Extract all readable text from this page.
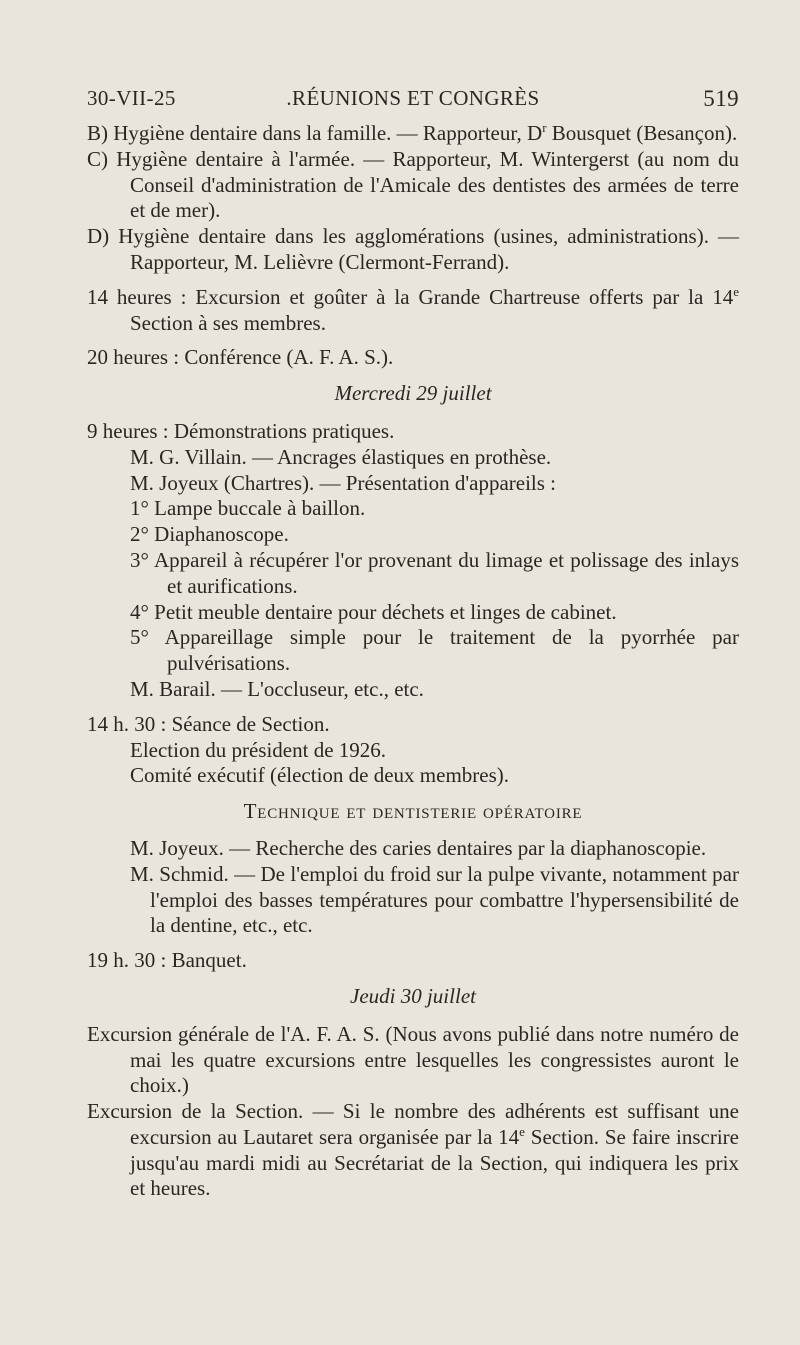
30-VII-25	.RÉUNIONS ET CONGRÈS	519
B) Hygiène dentaire dans la famille. — Rapporteur, $D^r$ Bousquet (Besançon).
C) Hygiène dentaire à l'armée. — Rapporteur, M. Wintergerst (au nom du Conseil d'administration de l'Amicale des dentistes des armées de terre et de mer).
D) Hygiène dentaire dans les agglomérations (usines, administrations). — Rapporteur, M. Lelièvre (Clermont-Ferrand).
14 heures : Excursion et goûter à la Grande Chartreuse offerts par la 14e Section à ses membres.
20 heures : Conférence (A. F. A. S.).
Mercredi 29 juillet
9 heures : Démonstrations pratiques.
M. G. Villain. — Ancrages élastiques en prothèse.
M. Joyeux (Chartres). — Présentation d'appareils :
1° Lampe buccale à baillon.
2° Diaphanoscope.
3° Appareil à récupérer l'or provenant du limage et polissage des inlays et aurifications.
4° Petit meuble dentaire pour déchets et linges de cabinet.
5° Appareillage simple pour le traitement de la pyorrhée par pulvérisations.
M. Barail. — L'occluseur, etc., etc.
14 h. 30 : Séance de Section.
Election du président de 1926.
Comité exécutif (élection de deux membres).
Technique et dentisterie opératoire
M. Joyeux. — Recherche des caries dentaires par la diaphanoscopie.
M. Schmid. — De l'emploi du froid sur la pulpe vivante, notamment par l'emploi des basses températures pour combattre l'hypersensibilité de la dentine, etc., etc.
19 h. 30 : Banquet.
Jeudi 30 juillet
Excursion générale de l'A. F. A. S. (Nous avons publié dans notre numéro de mai les quatre excursions entre lesquelles les congressistes auront le choix.)
Excursion de la Section. — Si le nombre des adhérents est suffisant une excursion au Lautaret sera organisée par la 14e Section. Se faire inscrire jusqu'au mardi midi au Secrétariat de la Section, qui indiquera les prix et heures.
